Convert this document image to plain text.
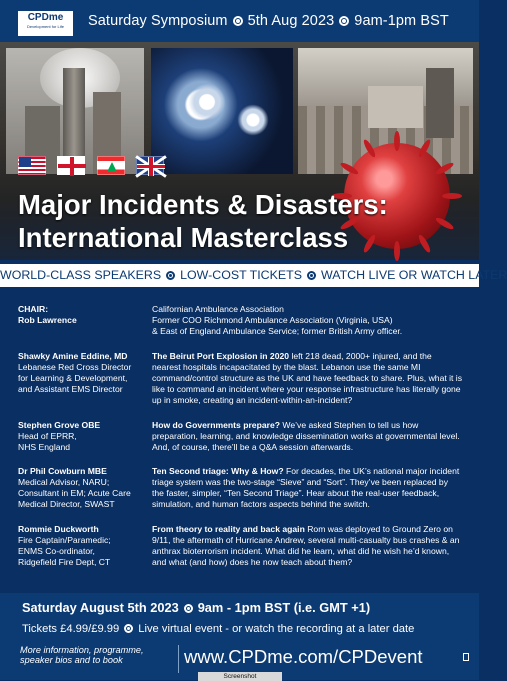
CPDme
Development for Life	Saturday Symposium 5th Aug 2023 9am-1pm BST
Major Incidents & Disasters:
International Masterclass
WORLD-CLASS SPEAKERS LOW-COST TICKETS WATCH LIVE OR WATCH LATER
CHAIR:
Rob Lawrence
Californian Ambulance Association
Former COO Richmond Ambulance Association (Virginia, USA)
& East of England Ambulance Service; former British Army officer.
Shawky Amine Eddine, MD
Lebanese Red Cross Director
for Learning & Development,
and Assistant EMS Director
The Beirut Port Explosion in 2020 left 218 dead, 2000+ injured, and the nearest hospitals incapacitated by the blast. Lebanon use the same MI command/control structure as the UK and have feedback to share. Plus, what it is like to command an incident where your response infrastructure has literally gone up in smoke, creating an incident-within-an-incident?
Stephen Grove OBE
Head of EPRR,
NHS England
How do Governments prepare? We’ve asked Stephen to tell us how preparation, learning, and knowledge dissemination works at governmental level. And, of course, there’ll be a Q&A session afterwards.
Dr Phil Cowburn MBE
Medical Advisor, NARU;
Consultant in EM; Acute Care
Medical Director, SWAST
Ten Second triage: Why & How? For decades, the UK’s national major incident triage system was the two-stage “Sieve” and “Sort”. They’ve been replaced by the faster, simpler, “Ten Second Triage”. Hear about the real-user feedback, simulation, and human factors aspects behind the switch.
Rommie Duckworth
Fire Captain/Paramedic;
ENMS Co-ordinator,
Ridgefield Fire Dept, CT
From theory to reality and back again Rom was deployed to Ground Zero on 9/11, the aftermath of Hurricane Andrew, several multi-casualty bus crashes & an anthrax bioterrorism incident. What did he learn, what did he wish he’d known, and what (and how) does he now teach about them?
Saturday August 5th 2023 9am - 1pm BST (i.e. GMT +1)
Tickets £4.99/£9.99 Live virtual event - or watch the recording at a later date
More information, programme, speaker bios and to book	www.CPDme.com/CPDevent
Screenshot
